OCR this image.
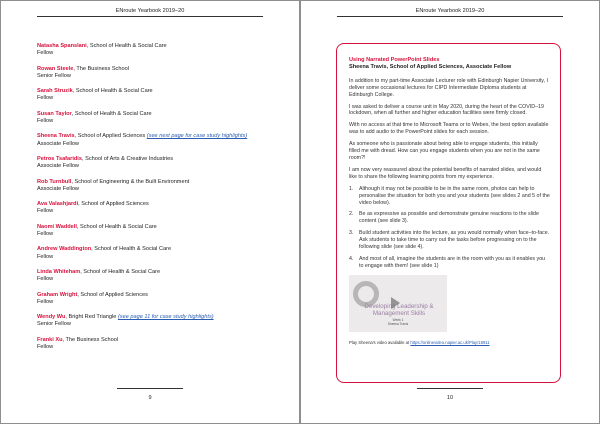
ENroute Yearbook 2019–20
Natasha Spanslani, School of Health & Social Care
Fellow
Rowan Steele, The Business School
Senior Fellow
Sarah Struzik, School of Health & Social Care
Fellow
Susan Taylor, School of Health & Social Care
Fellow
Sheena Travis, School of Applied Sciences (see next page for case study highlights)
Associate Fellow
Petros Tsafaridis, School of Arts & Creative Industries
Associate Fellow
Rob Turnbull, School of Engineering & the Built Environment
Associate Fellow
Ava Valashjardi, School of Applied Sciences
Fellow
Naomi Waddell, School of Health & Social Care
Fellow
Andrew Waddington, School of Health & Social Care
Fellow
Linda Whiteham, School of Health & Social Care
Fellow
Graham Wright, School of Applied Sciences
Fellow
Wendy Wu, Bright Red Triangle (see page 11 for case study highlights)
Senior Fellow
Franki Xu, The Business School
Fellow
9
ENroute Yearbook 2019–20
Using Narrated PowerPoint Slides
Sheena Travis, School of Applied Sciences, Associate Fellow

In addition to my part-time Associate Lecturer role with Edinburgh Napier University, I deliver some occasional lectures for CIPD Intermediate Diploma students at Edinburgh College.

I was asked to deliver a course unit in May 2020, during the heart of the COVID–19 lockdown, when all further and higher education facilities were firmly closed.

With no access at that time to Microsoft Teams or to Webex, the best option available was to add audio to the PowerPoint slides for each session.

As someone who is passionate about being able to engage students, this initially filled me with dread. How can you engage students when you are not in the same room?!

I am now very reassured about the potential benefits of narrated slides, and would like to share the following learning points from my experience.

1.	Although it may not be possible to be in the same room, photos can help to personalise the situation for both you and your students (see slides 2 and 5 of the video below).
2.	Be as expressive as possible and demonstrate genuine reactions to the slide content (see slide 3).
3.	Build student activities into the lecture, as you would normally when face–to-face. Ask students to take time to carry out the tasks before progressing on to the following slide (see slide 4).
4.	And most of all, imagine the students are in the room with you as it enables you to engage with them! (see slide 1)
Developing Leadership &
Management Skills
Week 1
Sheena Travis
Play Sheena's video available at https://onlinevideo.napier.ac.uk/Play/18911
10
